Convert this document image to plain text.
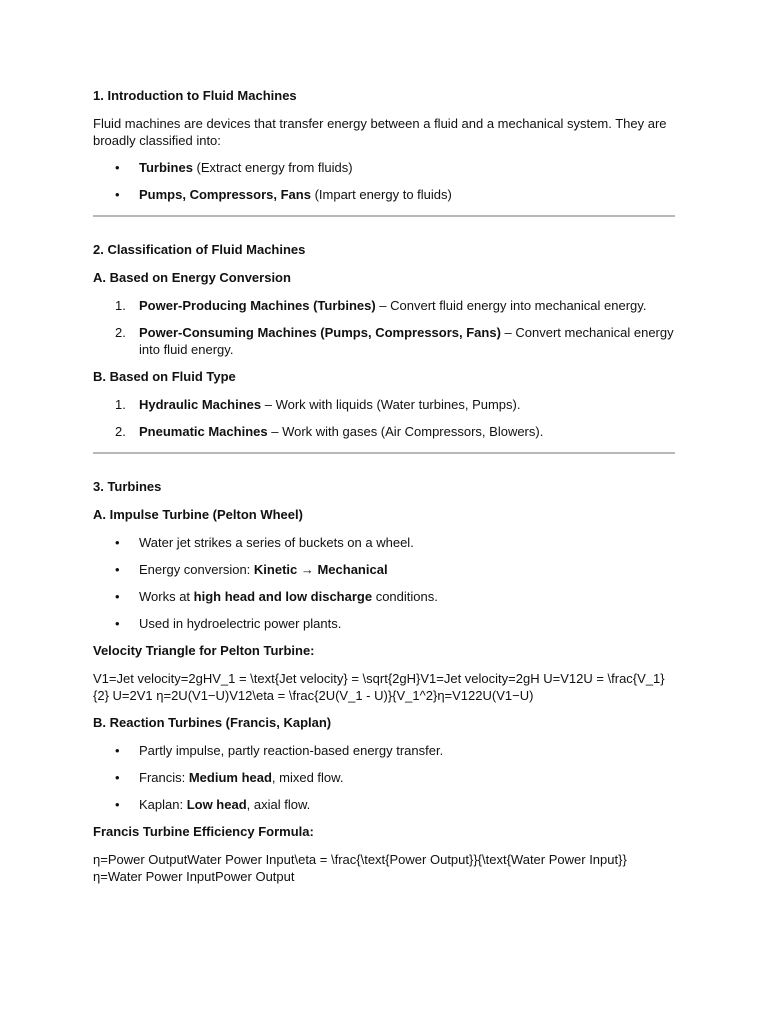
1. Introduction to Fluid Machines

Fluid machines are devices that transfer energy between a fluid and a mechanical system. They are broadly classified into:

• Turbines (Extract energy from fluids)
• Pumps, Compressors, Fans (Impart energy to fluids)
2. Classification of Fluid Machines
A. Based on Energy Conversion
1. Power-Producing Machines (Turbines) – Convert fluid energy into mechanical energy.
2. Power-Consuming Machines (Pumps, Compressors, Fans) – Convert mechanical energy into fluid energy.
B. Based on Fluid Type
1. Hydraulic Machines – Work with liquids (Water turbines, Pumps).
2. Pneumatic Machines – Work with gases (Air Compressors, Blowers).
3. Turbines
A. Impulse Turbine (Pelton Wheel)
• Water jet strikes a series of buckets on a wheel.
• Energy conversion: Kinetic → Mechanical
• Works at high head and low discharge conditions.
• Used in hydroelectric power plants.
Velocity Triangle for Pelton Turbine:

V1=Jet velocity=2gHV_1 = \text{Jet velocity} = \sqrt{2gH}V1=Jet velocity=2gH U=V12U = \frac{V_1}{2} U=2V1 η=2U(V1−U)V12\eta = \frac{2U(V_1 - U)}{V_1^2}η=V122U(V1−U)

B. Reaction Turbines (Francis, Kaplan)
• Partly impulse, partly reaction-based energy transfer.
• Francis: Medium head, mixed flow.
• Kaplan: Low head, axial flow.
Francis Turbine Efficiency Formula:

η=Power OutputWater Power Input\eta = \frac{\text{Power Output}}{\text{Water Power Input}}η=Water Power InputPower Output
